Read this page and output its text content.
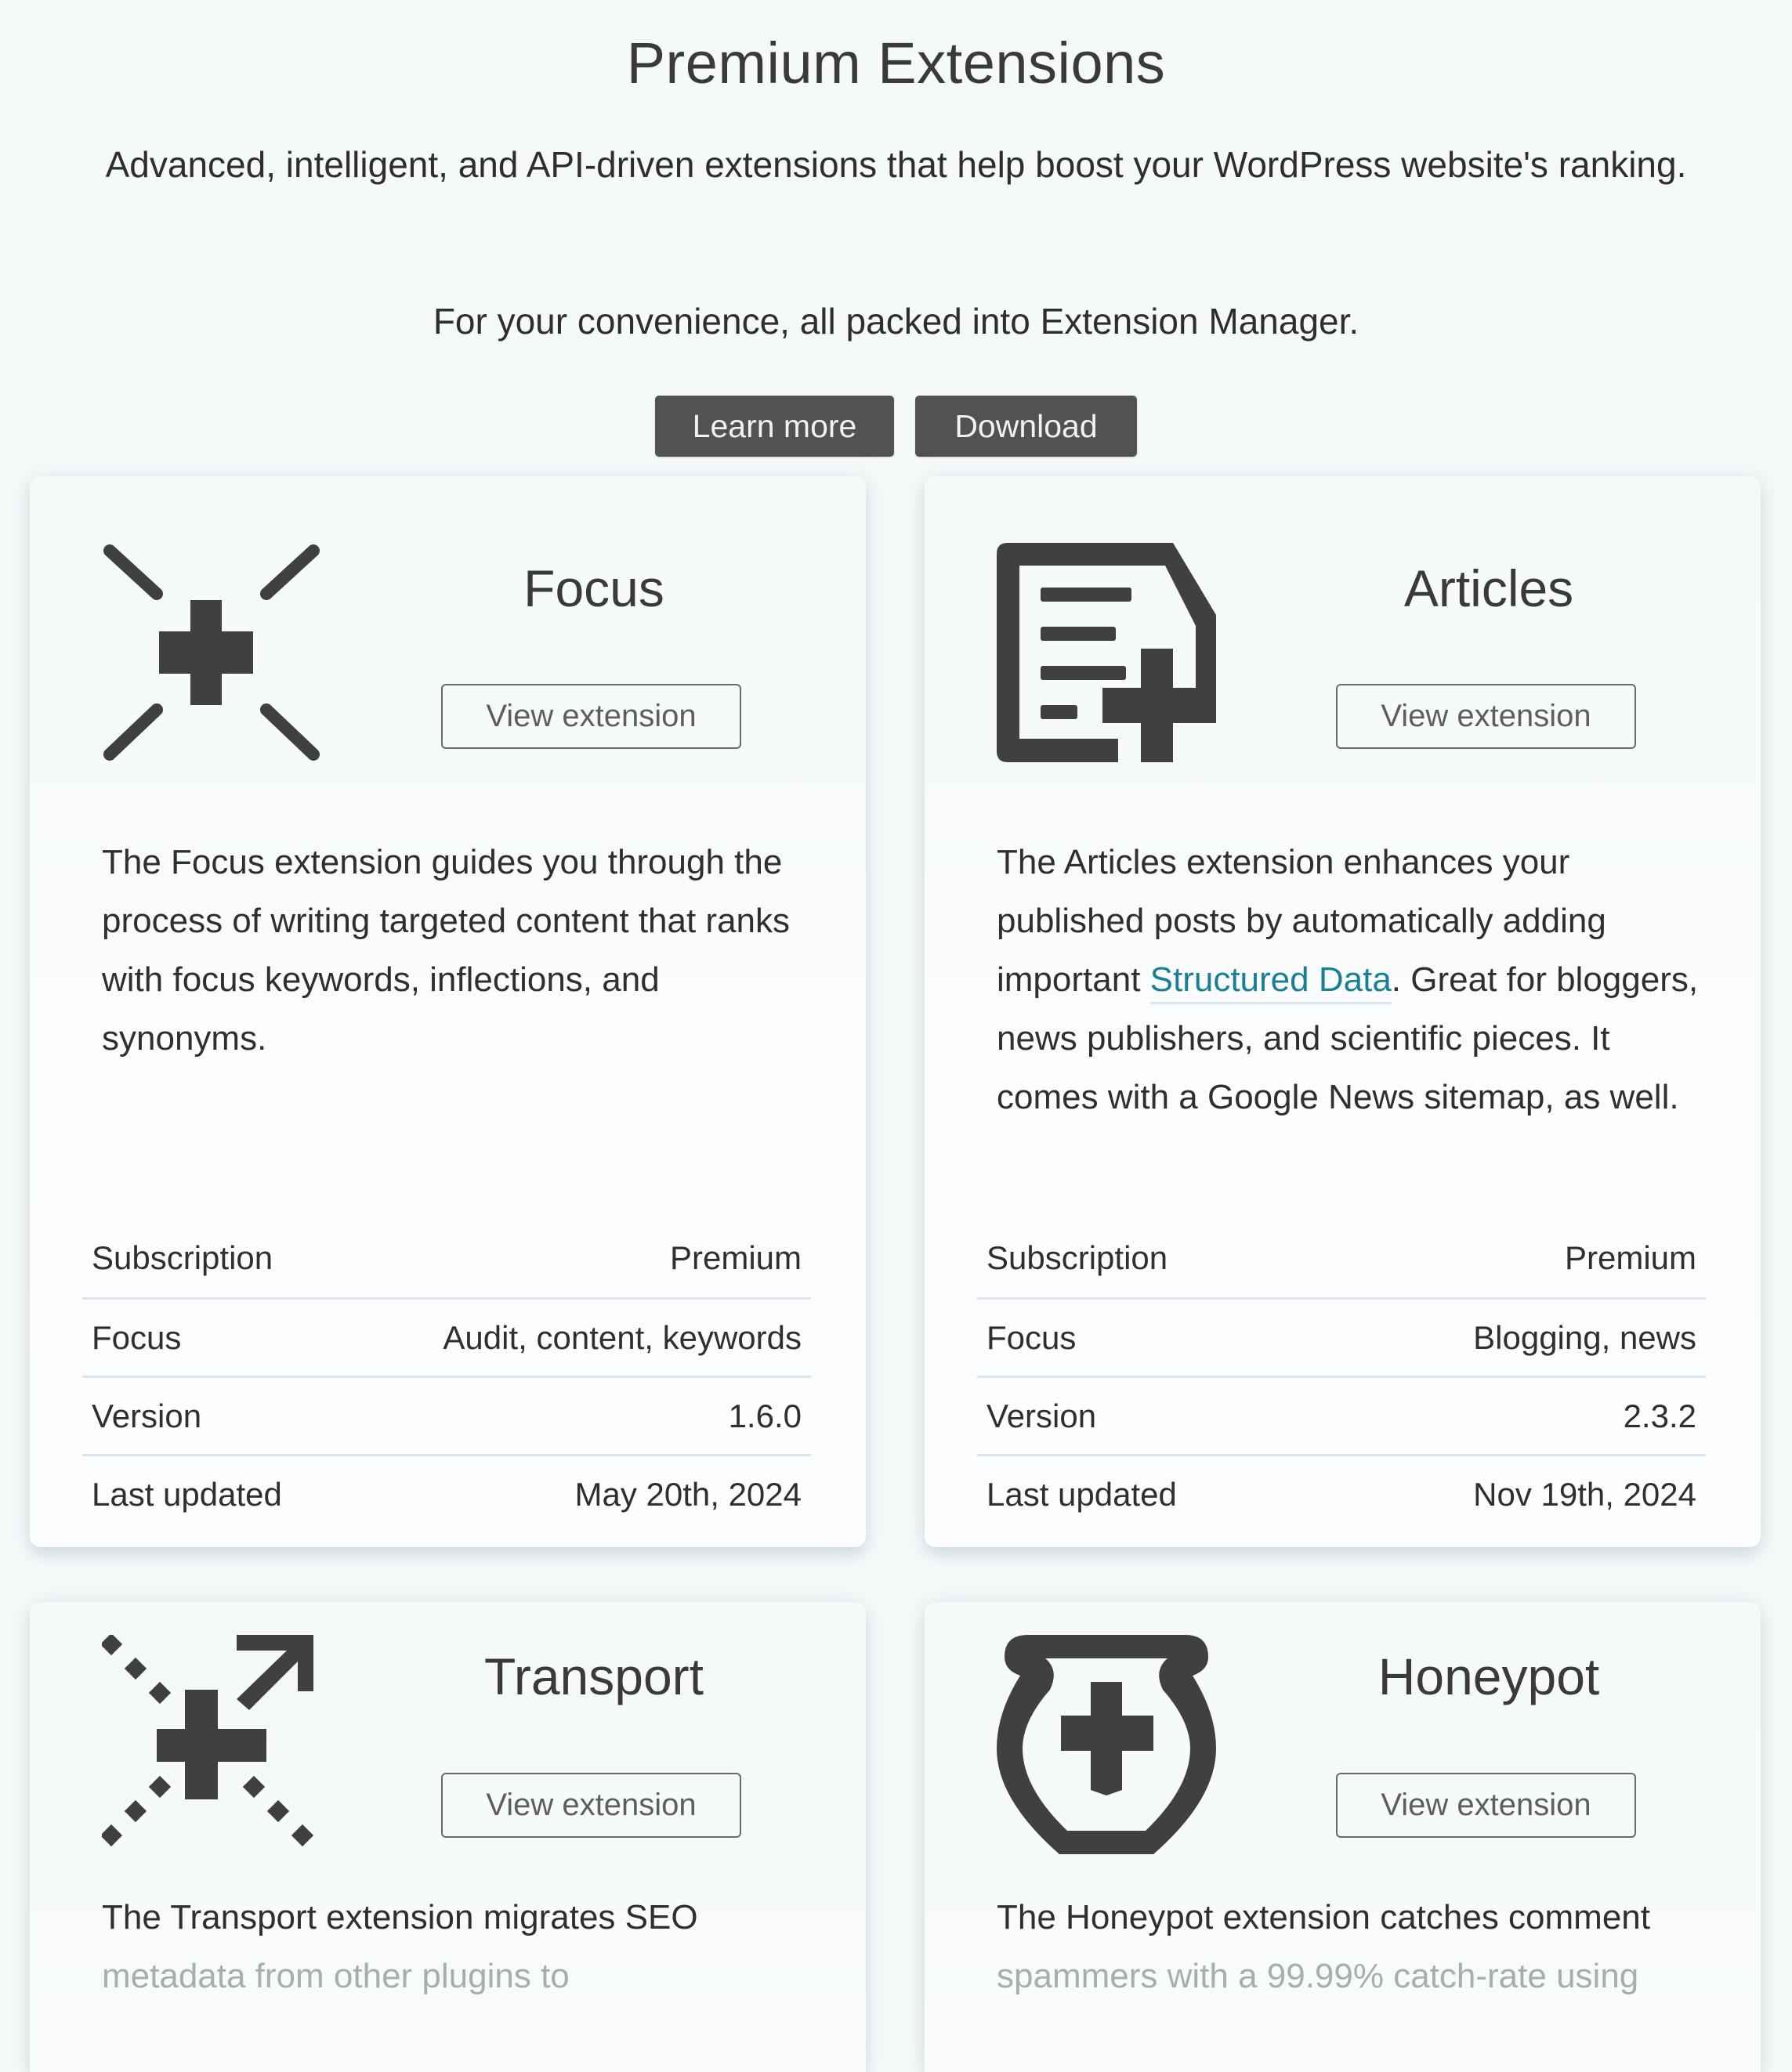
Premium Extensions

Advanced, intelligent, and API-driven extensions that help boost your WordPress website's ranking.

For your convenience, all packed into Extension Manager.

Learn more	Download
Focus
View extension

The Focus extension guides you through the process of writing targeted content that ranks with focus keywords, inflections, and synonyms.

Subscription	Premium
Focus	Audit, content, keywords
Version	1.6.0
Last updated	May 20th, 2024
Articles
View extension

The Articles extension enhances your published posts by automatically adding important Structured Data. Great for bloggers, news publishers, and scientific pieces. It comes with a Google News sitemap, as well.

Subscription	Premium
Focus	Blogging, news
Version	2.3.2
Last updated	Nov 19th, 2024
Transport
View extension

The Transport extension migrates SEO
metadata from other plugins to

Honeypot
View extension

The Honeypot extension catches comment
spammers with a 99.99% catch-rate using
